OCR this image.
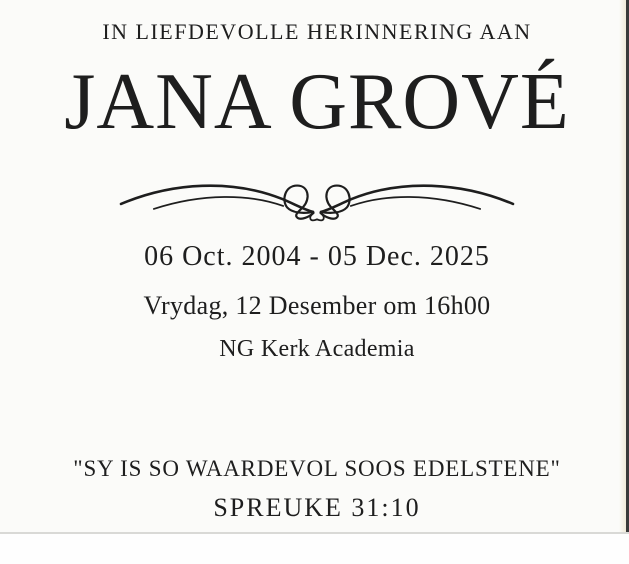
IN LIEFDEVOLLE HERINNERING AAN
JANA GROVÉ
06 Oct. 2004 - 05 Dec. 2025
Vrydag, 12 Desember om 16h00
NG Kerk Academia
"SY IS SO WAARDEVOL SOOS EDELSTENE"
SPREUKE 31:10
